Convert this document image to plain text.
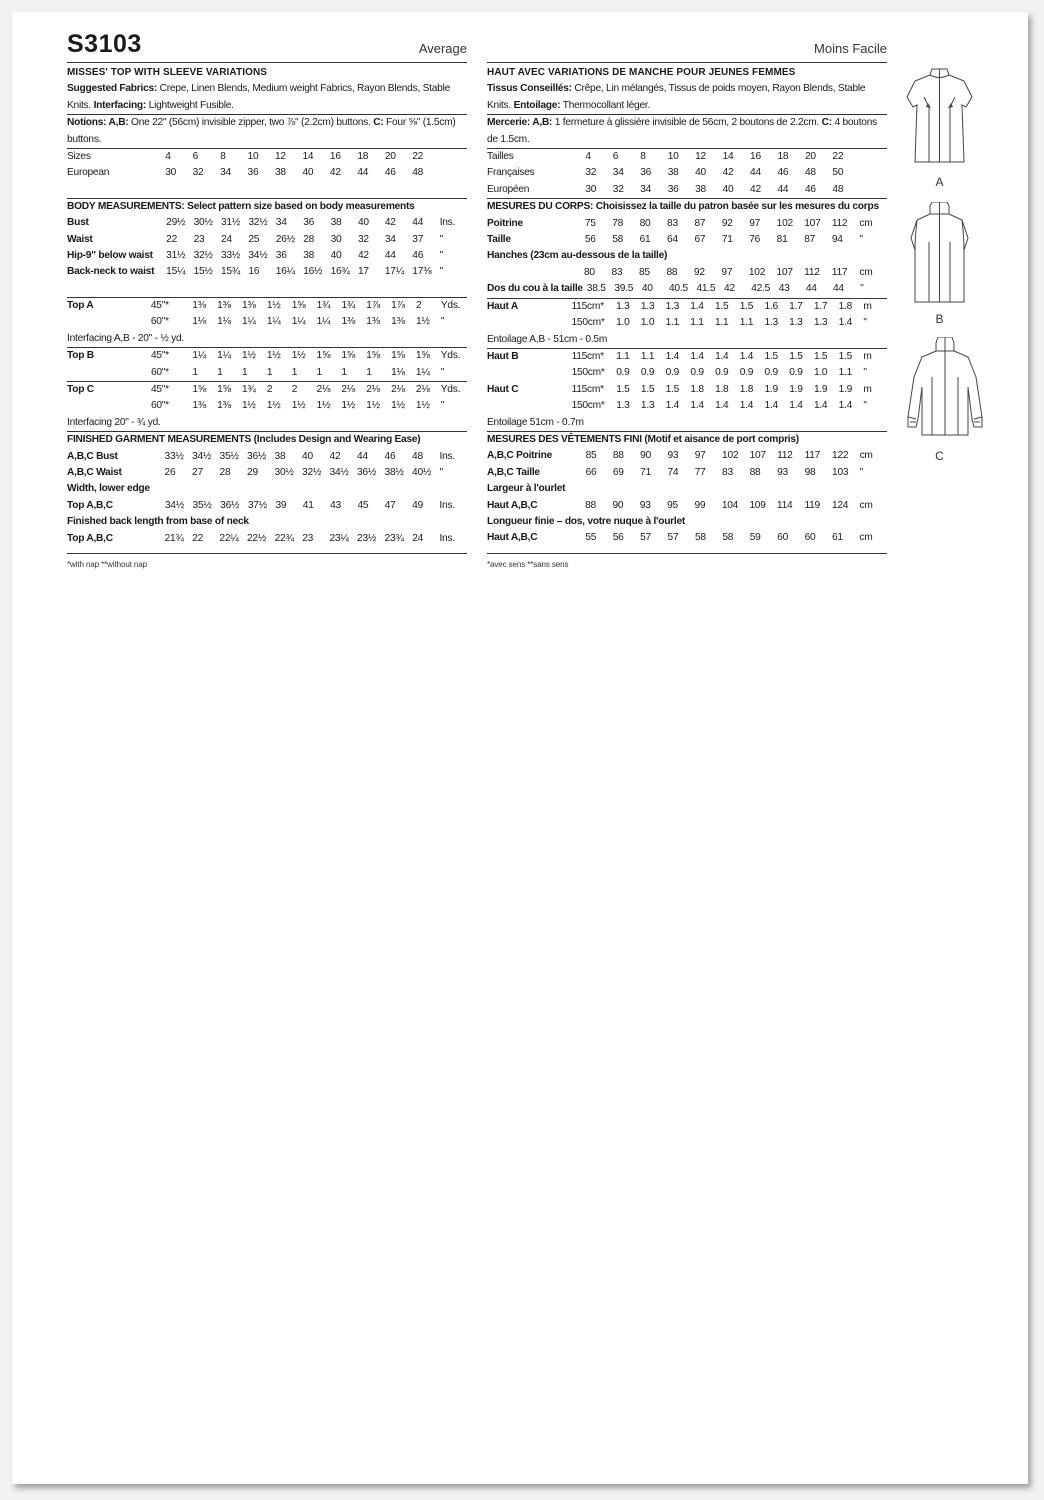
S3103	Average
MISSES' TOP WITH SLEEVE VARIATIONS
Suggested Fabrics: Crepe, Linen Blends, Medium weight Fabrics, Rayon Blends, Stable Knits. Interfacing: Lightweight Fusible.
Notions: A,B: One 22" (56cm) invisible zipper, two ⅞" (2.2cm) buttons. C: Four ⅝" (1.5cm) buttons.
Sizes	4	6	8	10	12	14	16	18	20	22	
European	30	32	34	36	38	40	42	44	46	48	
BODY MEASUREMENTS: Select pattern size based on body measurements
Bust	29½	30½	31½	32½	34	36	38	40	42	44	Ins.
Waist	22	23	24	25	26½	28	30	32	34	37	"
Hip-9" below waist	31½	32½	33½	34½	36	38	40	42	44	46	"
Back-neck to waist	15¼	15½	15¾	16	16¼	16½	16¾	17	17¼	17⅜	"
Top A	45"*	1⅜	1⅜	1⅜	1½	1⅝	1¾	1¾	1⅞	1⅞	2	Yds.
	60"*	1⅛	1⅛	1¼	1¼	1¼	1¼	1⅜	1⅜	1⅜	1½	"
Interfacing A,B - 20" - ½ yd.
Top B	45"*	1¼	1¼	1½	1½	1½	1⅝	1⅝	1⅝	1⅝	1⅝	Yds.
	60"*	1	1	1	1	1	1	1	1	1⅛	1¼	"
Top C	45"*	1⅝	1⅝	1¾	2	2	2⅛	2⅛	2⅛	2⅛	2⅛	Yds.
	60"*	1⅜	1⅜	1½	1½	1½	1½	1½	1½	1½	1½	"
Interfacing 20" - ¾ yd.
FINISHED GARMENT MEASUREMENTS (Includes Design and Wearing Ease)
A,B,C Bust	33½	34½	35½	36½	38	40	42	44	46	48	Ins.
A,B,C Waist	26	27	28	29	30½	32½	34½	36½	38½	40½	"
Width, lower edge
Top A,B,C	34½	35½	36½	37½	39	41	43	45	47	49	Ins.
Finished back length from base of neck
Top A,B,C	21¾	22	22¼	22½	22¾	23	23¼	23½	23¾	24	Ins.
*with nap **without nap
Moins Facile
HAUT AVEC VARIATIONS DE MANCHE POUR JEUNES FEMMES
Tissus Conseillés: Crêpe, Lin mélangés, Tissus de poids moyen, Rayon Blends, Stable Knits. Entoilage: Thermocollant léger.
Mercerie: A,B: 1 fermeture à glissière invisible de 56cm, 2 boutons de 2.2cm. C: 4 boutons de 1.5cm.
Tailles	4	6	8	10	12	14	16	18	20	22	
Françaises	32	34	36	38	40	42	44	46	48	50	
Européen	30	32	34	36	38	40	42	44	46	48	
MESURES DU CORPS: Choisissez la taille du patron basée sur les mesures du corps
Poitrine	75	78	80	83	87	92	97	102	107	112	cm
Taille	56	58	61	64	67	71	76	81	87	94	"
Hanches (23cm au-dessous de la taille)
	80	83	85	88	92	97	102	107	112	117	cm
Dos du cou à la taille	38.5	39.5	40	40.5	41.5	42	42.5	43	44	44	"
Haut A	115cm*	1.3	1.3	1.3	1.4	1.5	1.5	1.6	1.7	1.7	1.8	m
	150cm*	1.0	1.0	1.1	1.1	1.1	1.1	1.3	1.3	1.3	1.4	"
Entoilage A,B - 51cm - 0.5m
Haut B	115cm*	1.1	1.1	1.4	1.4	1.4	1.4	1.5	1.5	1.5	1.5	m
	150cm*	0.9	0.9	0.9	0.9	0.9	0.9	0.9	0.9	1.0	1.1	"
Haut C	115cm*	1.5	1.5	1.5	1.8	1.8	1.8	1.9	1.9	1.9	1.9	m
	150cm*	1.3	1.3	1.4	1.4	1.4	1.4	1.4	1.4	1.4	1.4	"
Entoilage 51cm - 0.7m
MESURES DES VÊTEMENTS FINI (Motif et aisance de port compris)
A,B,C Poitrine	85	88	90	93	97	102	107	112	117	122	cm
A,B,C Taille	66	69	71	74	77	83	88	93	98	103	"
Largeur à l'ourlet
Haut A,B,C	88	90	93	95	99	104	109	114	119	124	cm
Longueur finie – dos, votre nuque à l'ourlet
Haut A,B,C	55	56	57	57	58	58	59	60	60	61	cm
*avec sens **sans sens
A
B
C
